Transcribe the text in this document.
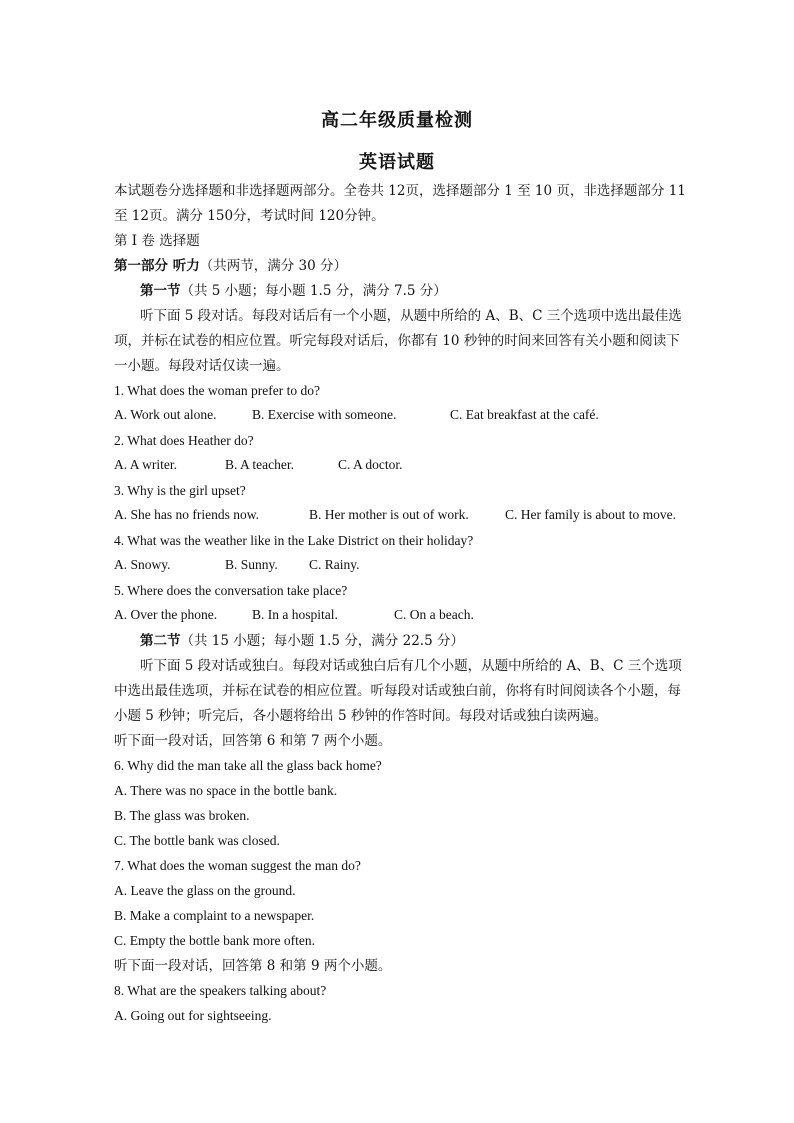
高二年级质量检测
英语试题
本试题卷分选择题和非选择题两部分。全卷共 12页，选择题部分 1 至 10 页，非选择题部分 11
至 12页。满分 150分，考试时间 120分钟。
第 I 卷 选择题
第一部分 听力（共两节，满分 30 分）
第一节（共 5 小题；每小题 1.5 分，满分 7.5 分）
听下面 5 段对话。每段对话后有一个小题，从题中所给的 A、B、C 三个选项中选出最佳选
项，并标在试卷的相应位置。听完每段对话后，你都有 10 秒钟的时间来回答有关小题和阅读下
一小题。每段对话仅读一遍。
1. What does the woman prefer to do?
A. Work out alone.	B. Exercise with someone.	C. Eat breakfast at the café.
2. What does Heather do?
A. A writer.	B. A teacher.	C. A doctor.
3. Why is the girl upset?
A. She has no friends now.	B. Her mother is out of work.	C. Her family is about to move.
4. What was the weather like in the Lake District on their holiday?
A. Snowy.	B. Sunny. C. Rainy.
5. Where does the conversation take place?
A. Over the phone.	B. In a hospital.	C. On a beach.
第二节（共 15 小题；每小题 1.5 分，满分 22.5 分）
听下面 5 段对话或独白。每段对话或独白后有几个小题，从题中所给的 A、B、C 三个选项
中选出最佳选项，并标在试卷的相应位置。听每段对话或独白前，你将有时间阅读各个小题，每
小题 5 秒钟；听完后，各小题将给出 5 秒钟的作答时间。每段对话或独白读两遍。
听下面一段对话，回答第 6 和第 7 两个小题。
6. Why did the man take all the glass back home?
A. There was no space in the bottle bank.
B. The glass was broken.
C. The bottle bank was closed.
7. What does the woman suggest the man do?
A. Leave the glass on the ground.
B. Make a complaint to a newspaper.
C. Empty the bottle bank more often.
听下面一段对话，回答第 8 和第 9 两个小题。
8. What are the speakers talking about?
A. Going out for sightseeing.
